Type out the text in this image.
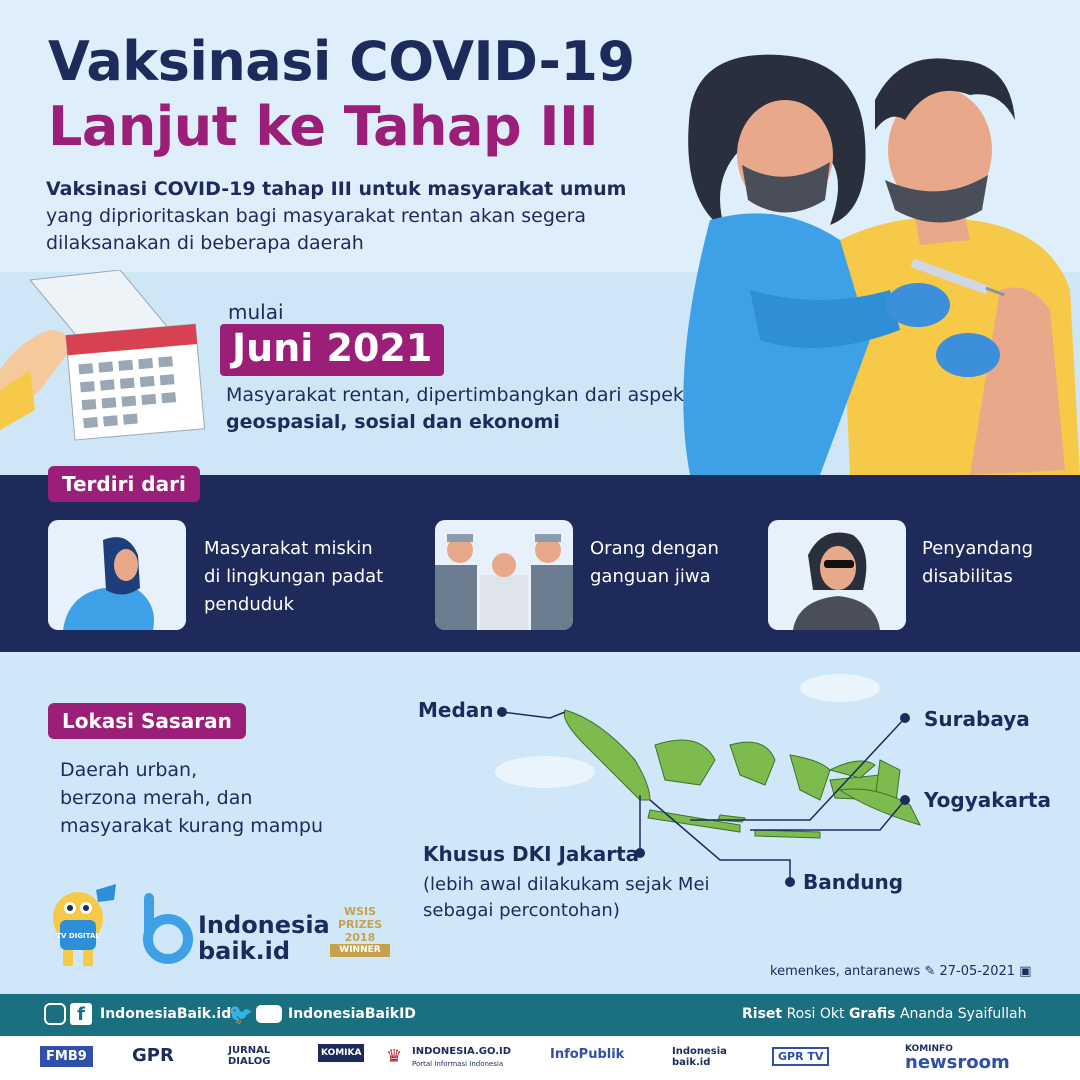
Vaksinasi COVID-19
Lanjut ke Tahap III
Vaksinasi COVID-19 tahap III untuk masyarakat umum
yang diprioritaskan bagi masyarakat rentan akan segera dilaksanakan di beberapa daerah
mulai
Juni 2021
Masyarakat rentan, dipertimbangkan dari aspek
geospasial, sosial dan ekonomi
Terdiri dari
Masyarakat miskin
di lingkungan padat
penduduk
Orang dengan
ganguan jiwa
Penyandang
disabilitas
Lokasi Sasaran
Daerah urban,
berzona merah, dan
masyarakat kurang mampu
Medan	Surabaya
Yogyakarta
Khusus DKI Jakarta
Bandung
(lebih awal dilakukam sejak Mei
sebagai percontohan)
TV DIGITAL	Indonesia
baik.id
WSIS
PRIZES
2018
WINNER
kemenkes, antaranews ✎ 27-05-2021 ▣
f	IndonesiaBaik.id
🐦	IndonesiaBaikID	Riset Rosi Okt Grafis Ananda Syaifullah
FMB9	GPR	JURNAL
DIALOG
KOMIKA ♛ INDONESIA.GO.ID
Portal Informasi Indonesia
InfoPublik	Indonesia
baik.id	GPR TV
KOMINFO
newsroom
